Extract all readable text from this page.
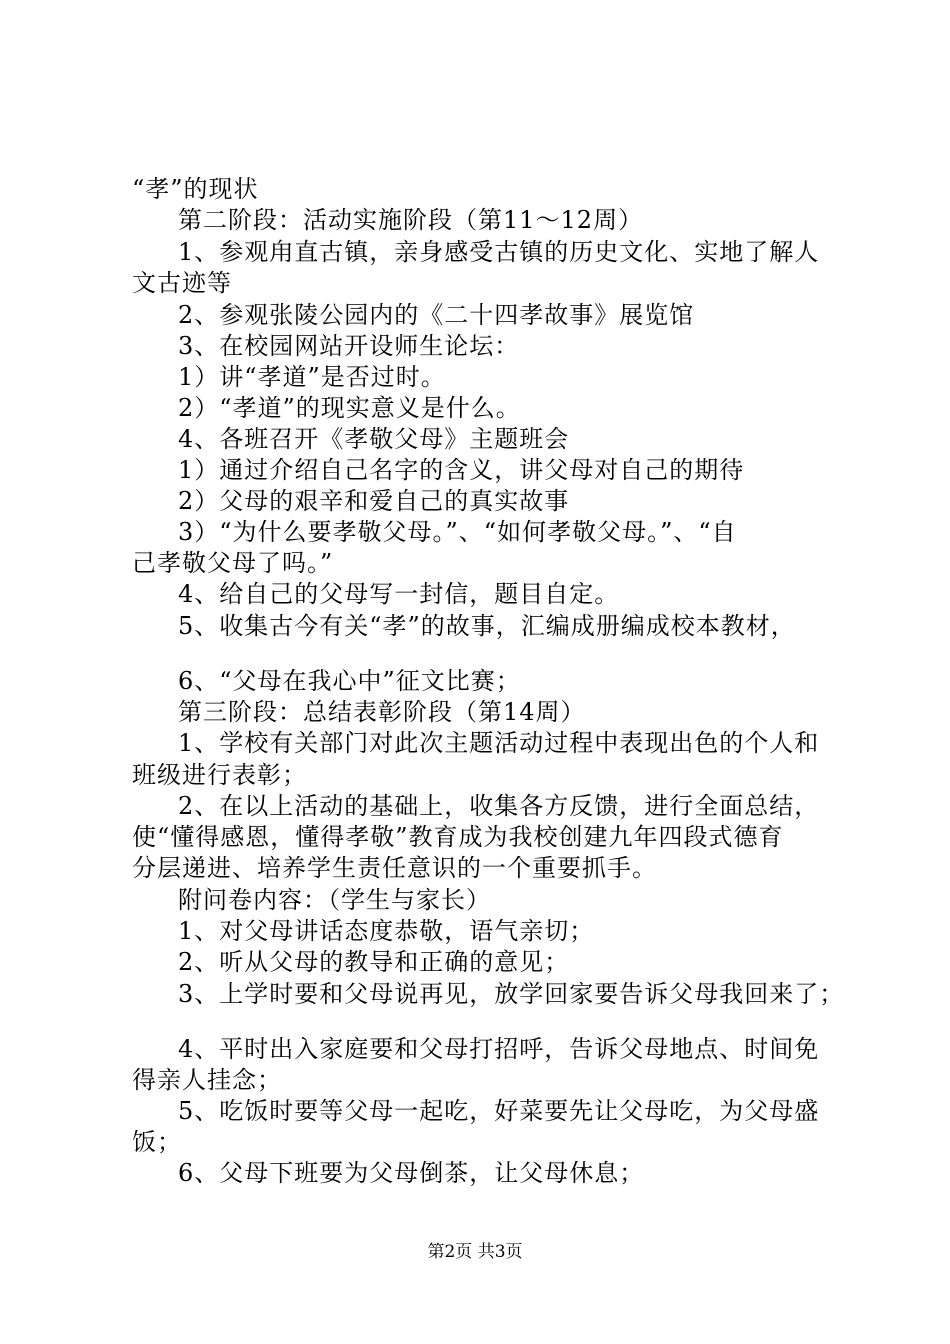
“孝”的现状
第二阶段：活动实施阶段（第11～12周）
1、参观甪直古镇，亲身感受古镇的历史文化、实地了解人
文古迹等
2、参观张陵公园内的《二十四孝故事》展览馆
3、在校园网站开设师生论坛：
1）讲“孝道”是否过时。
2）“孝道”的现实意义是什么。
4、各班召开《孝敬父母》主题班会
1）通过介绍自己名字的含义，讲父母对自己的期待
2）父母的艰辛和爱自己的真实故事
3）“为什么要孝敬父母。”、“如何孝敬父母。”、“自
己孝敬父母了吗。”
4、给自己的父母写一封信，题目自定。
5、收集古今有关“孝”的故事，汇编成册编成校本教材，
6、“父母在我心中”征文比赛；
第三阶段：总结表彰阶段（第14周）
1、学校有关部门对此次主题活动过程中表现出色的个人和
班级进行表彰；
2、在以上活动的基础上，收集各方反馈，进行全面总结，
使“懂得感恩，懂得孝敬”教育成为我校创建九年四段式德育
分层递进、培养学生责任意识的一个重要抓手。
附问卷内容：（学生与家长）
1、对父母讲话态度恭敬，语气亲切；
2、听从父母的教导和正确的意见；
3、上学时要和父母说再见，放学回家要告诉父母我回来了；
4、平时出入家庭要和父母打招呼，告诉父母地点、时间免
得亲人挂念；
5、吃饭时要等父母一起吃，好菜要先让父母吃，为父母盛
饭；
6、父母下班要为父母倒茶，让父母休息；
第2页 共3页
